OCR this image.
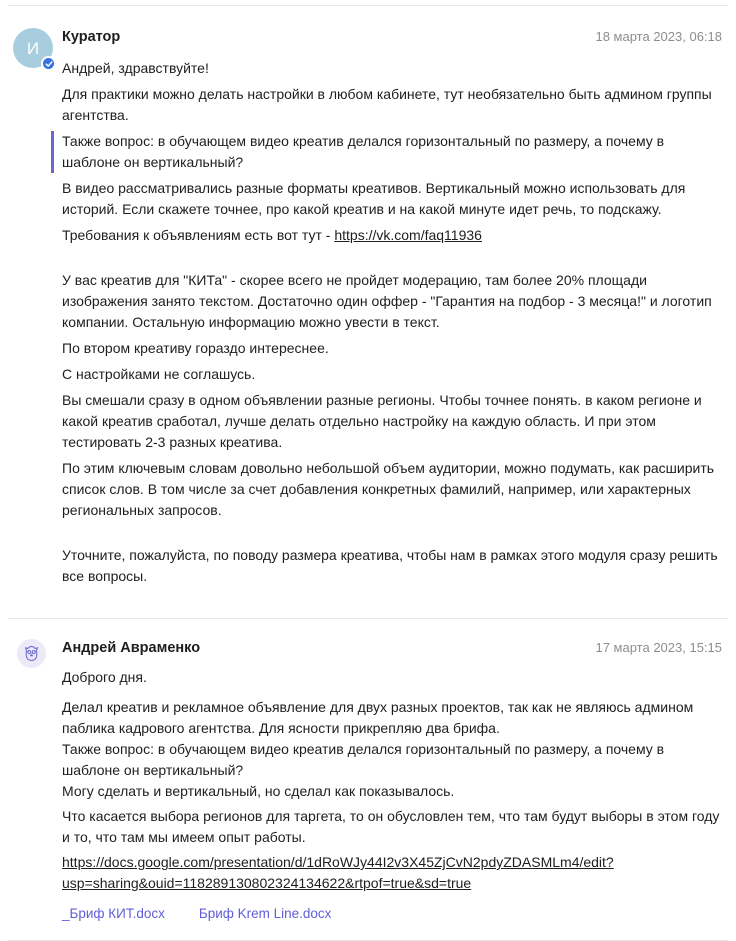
И
Куратор	18 марта 2023, 06:18

Андрей, здравствуйте!

Для практики можно делать настройки в любом кабинете, тут необязательно быть админом группы агентства.

Также вопрос: в обучающем видео креатив делался горизонтальный по размеру, а почему в шаблоне он вертикальный?

В видео рассматривались разные форматы креативов. Вертикальный можно использовать для историй. Если скажете точнее, про какой креатив и на какой минуте идет речь, то подскажу.

Требования к объявлениям есть вот тут - https://vk.com/faq11936

У вас креатив для "КИТа" - скорее всего не пройдет модерацию, там более 20% площади изображения занято текстом. Достаточно один оффер - "Гарантия на подбор - 3 месяца!" и логотип компании. Остальную информацию можно увести в текст.

По втором креативу гораздо интереснее.

С настройками не соглашусь.

Вы смешали сразу в одном объявлении разные регионы. Чтобы точнее понять. в каком регионе и какой креатив сработал, лучше делать отдельно настройку на каждую область. И при этом тестировать 2-3 разных креатива.

По этим ключевым словам довольно небольшой объем аудитории, можно подумать, как расширить список слов. В том числе за счет добавления конкретных фамилий, например, или характерных региональных запросов.

Уточните, пожалуйста, по поводу размера креатива, чтобы нам в рамках этого модуля сразу решить все вопросы.

Андрей Авраменко	17 марта 2023, 15:15

Доброго дня.

Делал креатив и рекламное объявление для двух разных проектов, так как не являюсь админом паблика кадрового агентства. Для ясности прикрепляю два брифа.
Также вопрос: в обучающем видео креатив делался горизонтальный по размеру, а почему в шаблоне он вертикальный?
Могу сделать и вертикальный, но сделал как показывалось.

Что касается выбора регионов для таргета, то он обусловлен тем, что там будут выборы в этом году и то, что там мы имеем опыт работы.

https://docs.google.com/presentation/d/1dRoWJy44I2v3X45ZjCvN2pdyZDASMLm4/edit?
usp=sharing&ouid=118289130802324134622&rtpof=true&sd=true

_Бриф КИТ.docx	Бриф Krem Line.docx
